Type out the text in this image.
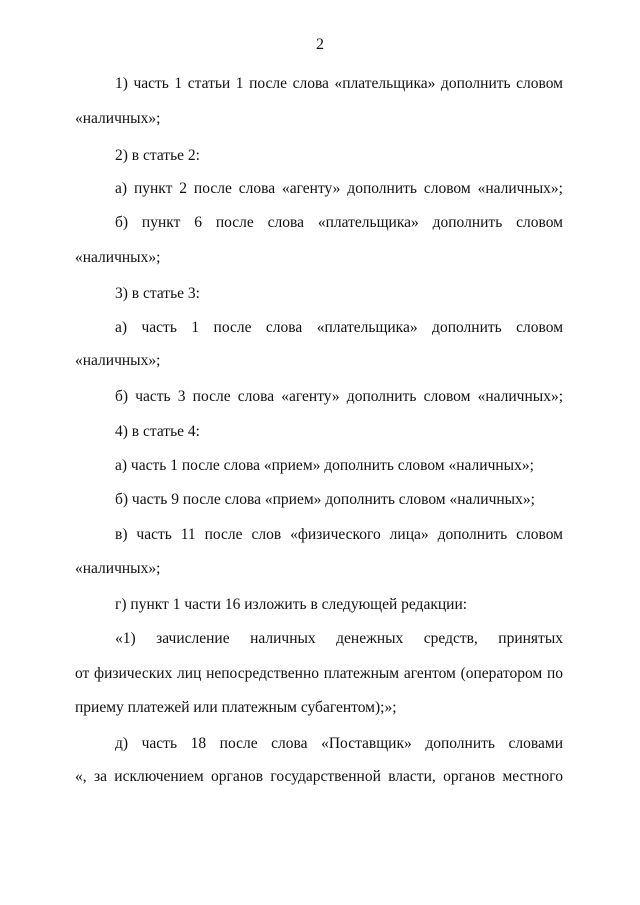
2
1) часть 1 статьи 1 после слова «плательщика» дополнить словом
«наличных»;
2) в статье 2:
а) пункт 2 после слова «агенту» дополнить словом «наличных»;
б) пункт 6 после слова «плательщика» дополнить словом
«наличных»;
3) в статье 3:
а) часть 1 после слова «плательщика» дополнить словом
«наличных»;
б) часть 3 после слова «агенту» дополнить словом «наличных»;
4) в статье 4:
а) часть 1 после слова «прием» дополнить словом «наличных»;
б) часть 9 после слова «прием» дополнить словом «наличных»;
в) часть 11 после слов «физического лица» дополнить словом
«наличных»;
г) пункт 1 части 16 изложить в следующей редакции:
«1) зачисление наличных денежных средств, принятых
от физических лиц непосредственно платежным агентом (оператором по
приему платежей или платежным субагентом);»;
д) часть 18 после слова «Поставщик» дополнить словами
«, за исключением органов государственной власти, органов местного
